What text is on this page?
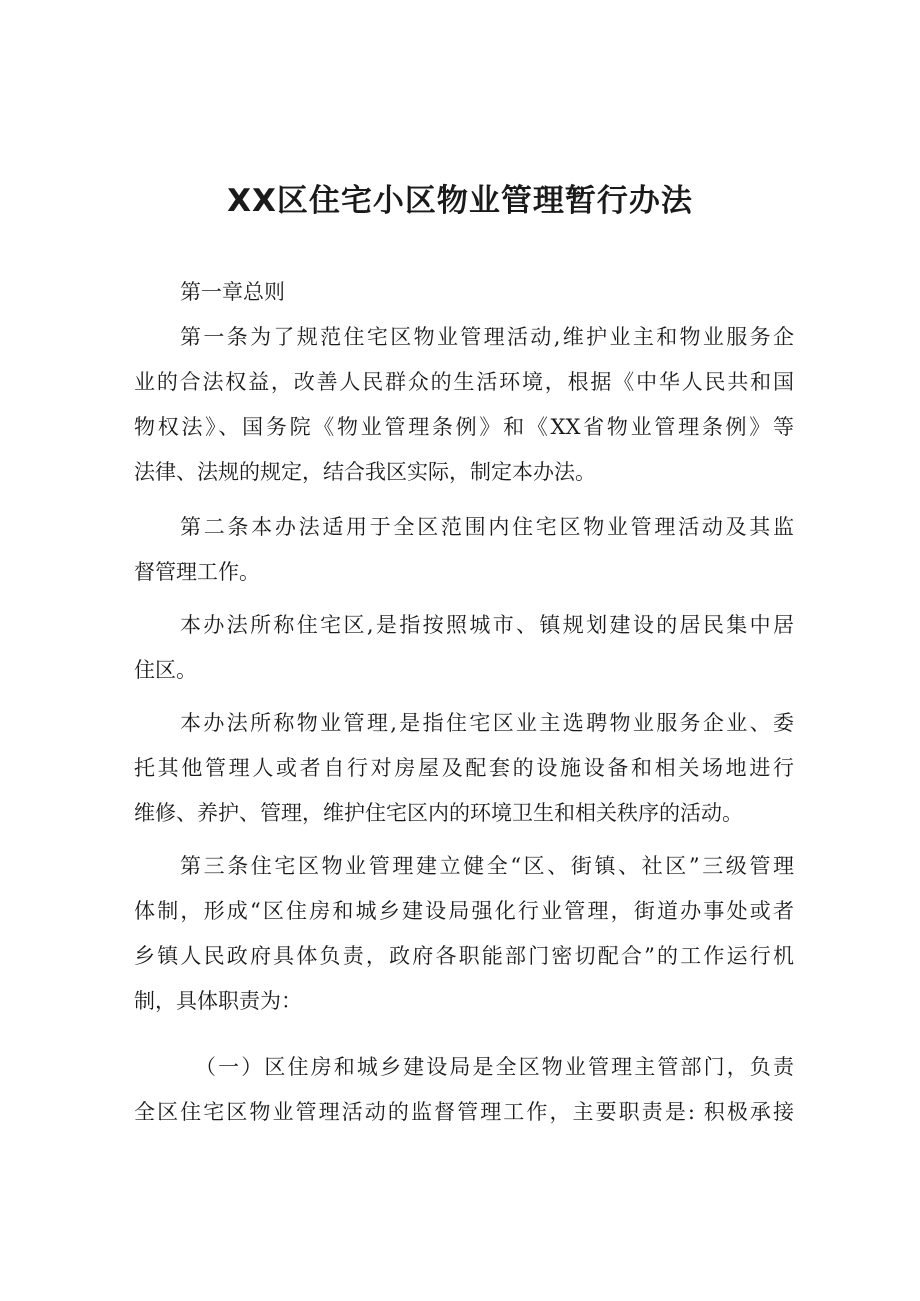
XX区住宅小区物业管理暂行办法
第一章总则
第一条为了规范住宅区物业管理活动,维护业主和物业服务企
业的合法权益，改善人民群众的生活环境，根据《中华人民共和国
物权法》、国务院《物业管理条例》和《XX省物业管理条例》等
法律、法规的规定，结合我区实际，制定本办法。
第二条本办法适用于全区范围内住宅区物业管理活动及其监
督管理工作。
本办法所称住宅区,是指按照城市、镇规划建设的居民集中居
住区。
本办法所称物业管理,是指住宅区业主选聘物业服务企业、委
托其他管理人或者自行对房屋及配套的设施设备和相关场地进行
维修、养护、管理，维护住宅区内的环境卫生和相关秩序的活动。
第三条住宅区物业管理建立健全“区、街镇、社区”三级管理
体制，形成“区住房和城乡建设局强化行业管理，街道办事处或者
乡镇人民政府具体负责，政府各职能部门密切配合”的工作运行机
制，具体职责为：
（一）区住房和城乡建设局是全区物业管理主管部门，负责
全区住宅区物业管理活动的监督管理工作，主要职责是: 积极承接
